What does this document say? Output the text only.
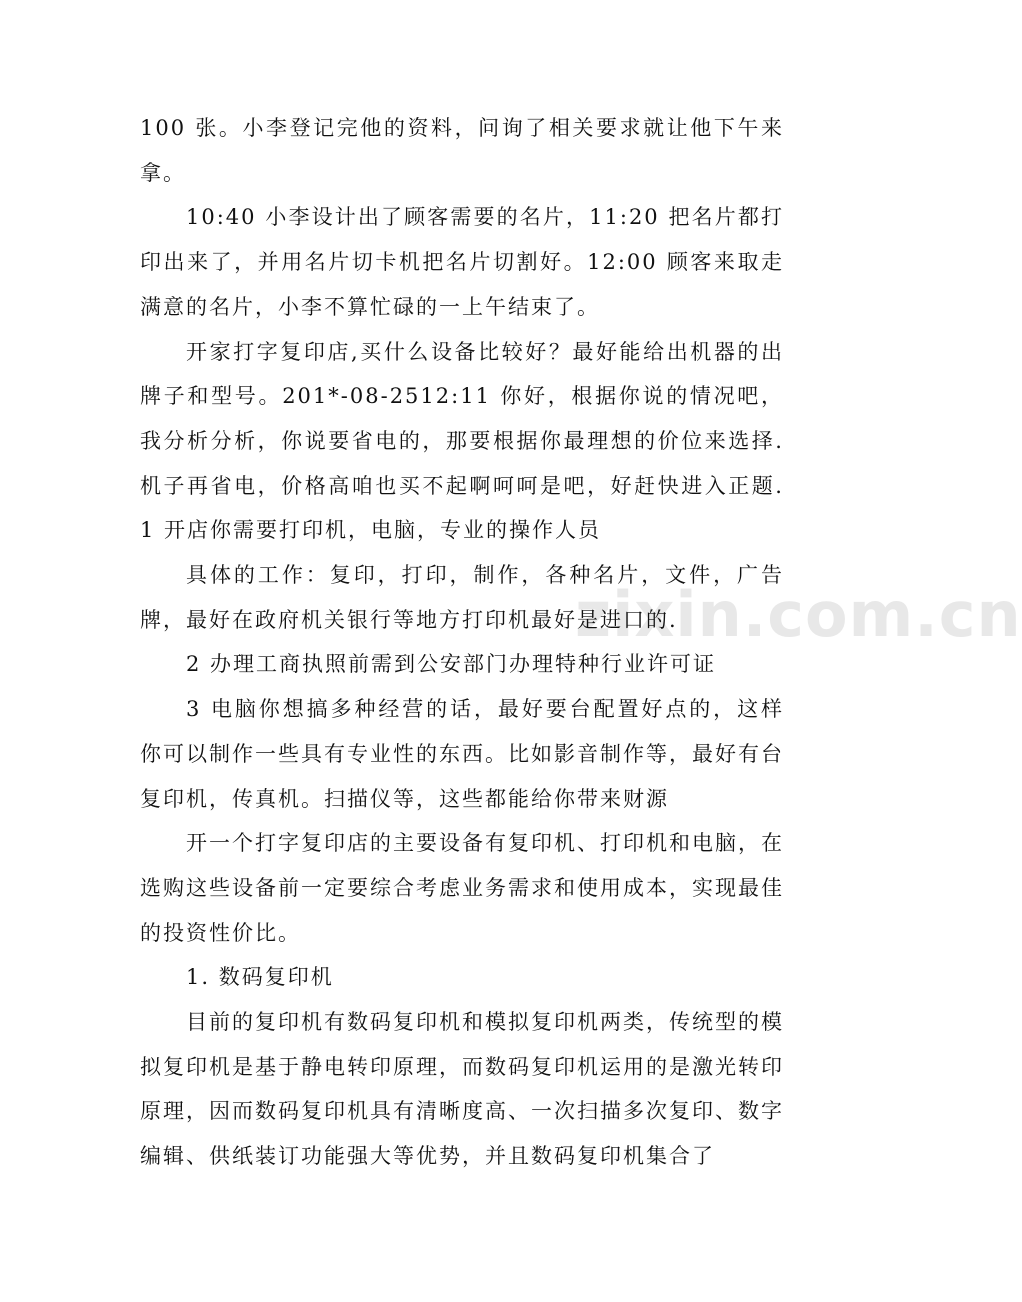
zixin.com.cn

100 张。小李登记完他的资料，问询了相关要求就让他下午来拿。

10:40 小李设计出了顾客需要的名片，11:20 把名片都打印出来了，并用名片切卡机把名片切割好。12:00 顾客来取走满意的名片，小李不算忙碌的一上午结束了。

开家打字复印店,买什么设备比较好？最好能给出机器的出牌子和型号。201*-08-2512:11 你好，根据你说的情况吧，我分析分析，你说要省电的，那要根据你最理想的价位来选择. 机子再省电，价格高咱也买不起啊呵呵是吧，好赶快进入正题. 1 开店你需要打印机，电脑，专业的操作人员

具体的工作：复印，打印，制作，各种名片，文件，广告牌，最好在政府机关银行等地方打印机最好是进口的.

2 办理工商执照前需到公安部门办理特种行业许可证

3 电脑你想搞多种经营的话，最好要台配置好点的，这样你可以制作一些具有专业性的东西。比如影音制作等，最好有台复印机，传真机。扫描仪等，这些都能给你带来财源

开一个打字复印店的主要设备有复印机、打印机和电脑，在选购这些设备前一定要综合考虑业务需求和使用成本，实现最佳的投资性价比。

1. 数码复印机

目前的复印机有数码复印机和模拟复印机两类，传统型的模拟复印机是基于静电转印原理，而数码复印机运用的是激光转印原理，因而数码复印机具有清晰度高、一次扫描多次复印、数字编辑、供纸装订功能强大等优势，并且数码复印机集合了
